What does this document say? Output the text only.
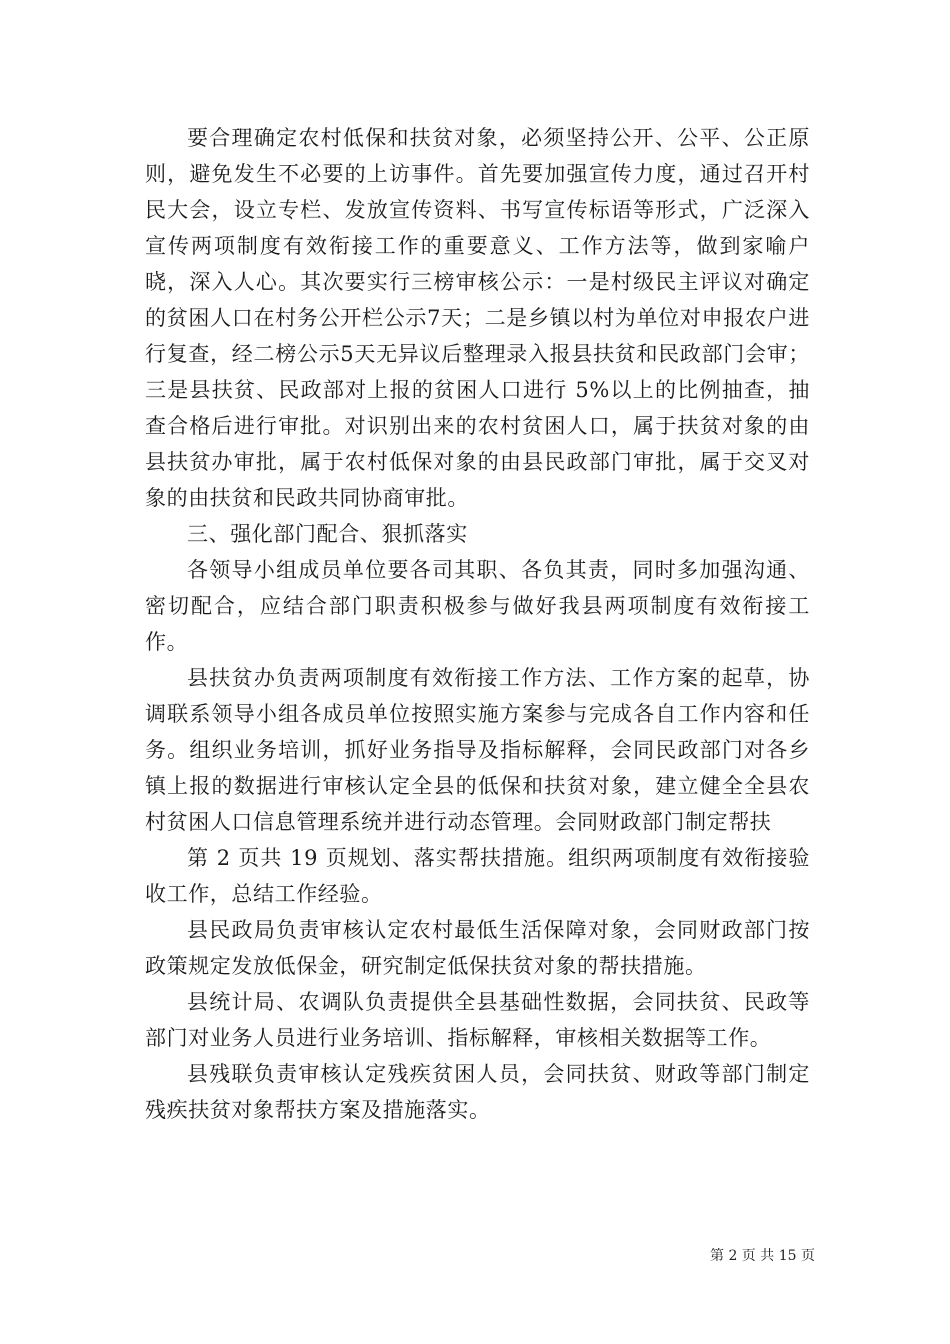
要合理确定农村低保和扶贫对象，必须坚持公开、公平、公正原则，避免发生不必要的上访事件。首先要加强宣传力度，通过召开村民大会，设立专栏、发放宣传资料、书写宣传标语等形式，广泛深入宣传两项制度有效衔接工作的重要意义、工作方法等，做到家喻户晓，深入人心。其次要实行三榜审核公示：一是村级民主评议对确定的贫困人口在村务公开栏公示7天；二是乡镇以村为单位对申报农户进行复查，经二榜公示5天无异议后整理录入报县扶贫和民政部门会审；三是县扶贫、民政部对上报的贫困人口进行 5%以上的比例抽查，抽查合格后进行审批。对识别出来的农村贫困人口，属于扶贫对象的由县扶贫办审批，属于农村低保对象的由县民政部门审批，属于交叉对象的由扶贫和民政共同协商审批。

三、强化部门配合、狠抓落实

各领导小组成员单位要各司其职、各负其责，同时多加强沟通、密切配合，应结合部门职责积极参与做好我县两项制度有效衔接工作。

县扶贫办负责两项制度有效衔接工作方法、工作方案的起草，协调联系领导小组各成员单位按照实施方案参与完成各自工作内容和任务。组织业务培训，抓好业务指导及指标解释，会同民政部门对各乡镇上报的数据进行审核认定全县的低保和扶贫对象，建立健全全县农村贫困人口信息管理系统并进行动态管理。会同财政部门制定帮扶

第 2 页共 19 页规划、落实帮扶措施。组织两项制度有效衔接验收工作，总结工作经验。

县民政局负责审核认定农村最低生活保障对象，会同财政部门按政策规定发放低保金，研究制定低保扶贫对象的帮扶措施。

县统计局、农调队负责提供全县基础性数据，会同扶贫、民政等部门对业务人员进行业务培训、指标解释，审核相关数据等工作。

县残联负责审核认定残疾贫困人员，会同扶贫、财政等部门制定残疾扶贫对象帮扶方案及措施落实。

第 2 页 共 15 页
